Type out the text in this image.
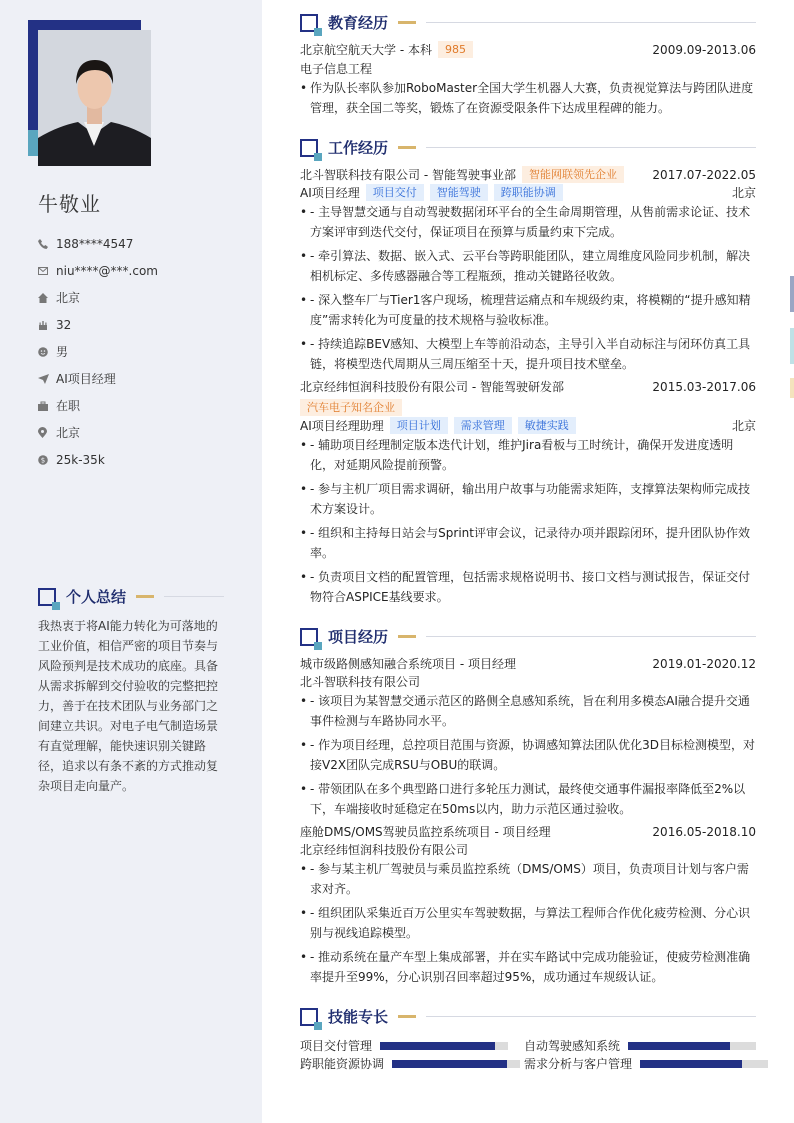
牛敬业
188****4547
niu****@***.com
北京
32
男
AI项目经理
在职
北京
$ 25k-35k
个人总结
我热衷于将AI能力转化为可落地的工业价值，相信严密的项目节奏与风险预判是技术成功的底座。具备从需求拆解到交付验收的完整把控力，善于在技术团队与业务部门之间建立共识。对电子电气制造场景有直觉理解，能快速识别关键路径，追求以有条不紊的方式推动复杂项目走向量产。
教育经历
北京航空航天大学 - 本科	985	2009.09-2013.06
电子信息工程
• 作为队长率队参加RoboMaster全国大学生机器人大赛，负责视觉算法与跨团队进度管理，获全国二等奖，锻炼了在资源受限条件下达成里程碑的能力。
工作经历
北斗智联科技有限公司 - 智能驾驶事业部	智能网联领先企业	2017.07-2022.05
AI项目经理	项目交付	智能驾驶	跨职能协调	北京
• - 主导智慧交通与自动驾驶数据闭环平台的全生命周期管理，从售前需求论证、技术方案评审到迭代交付，保证项目在预算与质量约束下完成。
• - 牵引算法、数据、嵌入式、云平台等跨职能团队，建立周维度风险同步机制，解决相机标定、多传感器融合等工程瓶颈，推动关键路径收敛。
• - 深入整车厂与Tier1客户现场，梳理营运痛点和车规级约束，将模糊的“提升感知精度”需求转化为可度量的技术规格与验收标准。
• - 持续追踪BEV感知、大模型上车等前沿动态，主导引入半自动标注与闭环仿真工具链，将模型迭代周期从三周压缩至十天，提升项目技术壁垒。
北京经纬恒润科技股份有限公司 - 智能驾驶研发部	2015.03-2017.06
汽车电子知名企业
AI项目经理助理	项目计划	需求管理	敏捷实践	北京
• - 辅助项目经理制定版本迭代计划，维护Jira看板与工时统计，确保开发进度透明化，对延期风险提前预警。
• - 参与主机厂项目需求调研，输出用户故事与功能需求矩阵，支撑算法架构师完成技术方案设计。
• - 组织和主持每日站会与Sprint评审会议，记录待办项并跟踪闭环，提升团队协作效率。
• - 负责项目文档的配置管理，包括需求规格说明书、接口文档与测试报告，保证交付物符合ASPICE基线要求。
项目经历
城市级路侧感知融合系统项目 - 项目经理	2019.01-2020.12
北斗智联科技有限公司
• - 该项目为某智慧交通示范区的路侧全息感知系统，旨在利用多模态AI融合提升交通事件检测与车路协同水平。
• - 作为项目经理，总控项目范围与资源，协调感知算法团队优化3D目标检测模型，对接V2X团队完成RSU与OBU的联调。
• - 带领团队在多个典型路口进行多轮压力测试，最终使交通事件漏报率降低至2%以下，车端接收时延稳定在50ms以内，助力示范区通过验收。
座舱DMS/OMS驾驶员监控系统项目 - 项目经理	2016.05-2018.10
北京经纬恒润科技股份有限公司
• - 参与某主机厂驾驶员与乘员监控系统（DMS/OMS）项目，负责项目计划与客户需求对齐。
• - 组织团队采集近百万公里实车驾驶数据，与算法工程师合作优化疲劳检测、分心识别与视线追踪模型。
• - 推动系统在量产车型上集成部署，并在实车路试中完成功能验证，使疲劳检测准确率提升至99%，分心识别召回率超过95%，成功通过车规级认证。
技能专长
项目交付管理	自动驾驶感知系统
跨职能资源协调	需求分析与客户管理
